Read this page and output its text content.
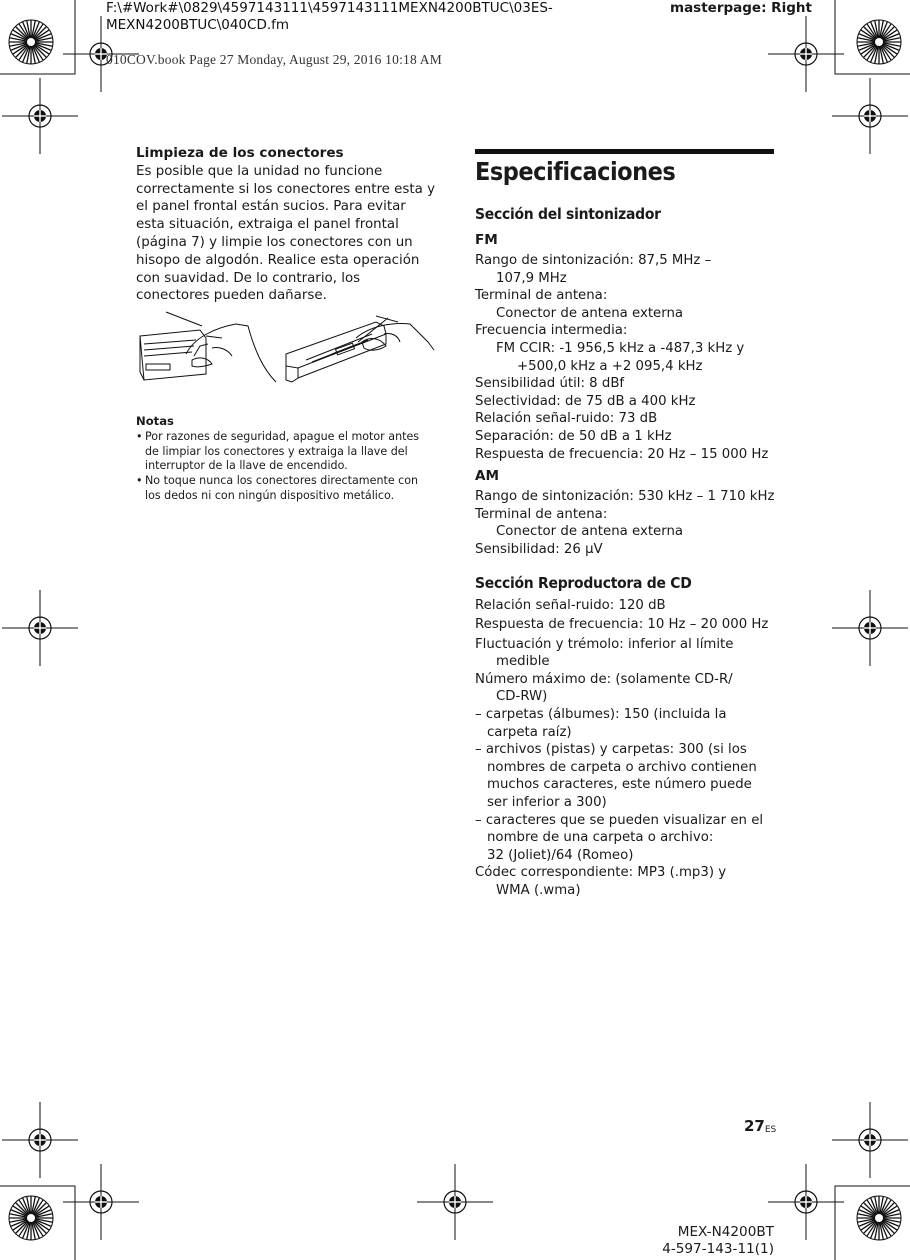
F:\#Work#\0829\4597143111\4597143111MEXN4200BTUC\03ES-MEXN4200BTUC\040CD.fm
masterpage: Right
010COV.book Page 27 Monday, August 29, 2016 10:18 AM
Limpieza de los conectores
Es posible que la unidad no funcione correctamente si los conectores entre esta y el panel frontal están sucios. Para evitar esta situación, extraiga el panel frontal (página 7) y limpie los conectores con un hisopo de algodón. Realice esta operación con suavidad. De lo contrario, los conectores pueden dañarse.
Notas
• Por razones de seguridad, apague el motor antes de limpiar los conectores y extraiga la llave del interruptor de la llave de encendido.
• No toque nunca los conectores directamente con los dedos ni con ningún dispositivo metálico.
Especificaciones
Sección del sintonizador
FM
Rango de sintonización: 87,5 MHz –
107,9 MHz
Terminal de antena:
Conector de antena externa
Frecuencia intermedia:
FM CCIR: -1 956,5 kHz a -487,3 kHz y
+500,0 kHz a +2 095,4 kHz
Sensibilidad útil: 8 dBf
Selectividad: de 75 dB a 400 kHz
Relación señal-ruido: 73 dB
Separación: de 50 dB a 1 kHz
Respuesta de frecuencia: 20 Hz – 15 000 Hz
AM
Rango de sintonización: 530 kHz – 1 710 kHz
Terminal de antena:
Conector de antena externa
Sensibilidad: 26 μV
Sección Reproductora de CD
Relación señal-ruido: 120 dB
Respuesta de frecuencia: 10 Hz – 20 000 Hz
Fluctuación y trémolo: inferior al límite
medible
Número máximo de: (solamente CD-R/
CD-RW)
– carpetas (álbumes): 150 (incluida la
carpeta raíz)
– archivos (pistas) y carpetas: 300 (si los
nombres de carpeta o archivo contienen
muchos caracteres, este número puede
ser inferior a 300)
– caracteres que se pueden visualizar en el
nombre de una carpeta o archivo:
32 (Joliet)/64 (Romeo)
Códec correspondiente: MP3 (.mp3) y
WMA (.wma)
$27_{ES}$
MEX-N4200BT
4-597-143-11(1)
